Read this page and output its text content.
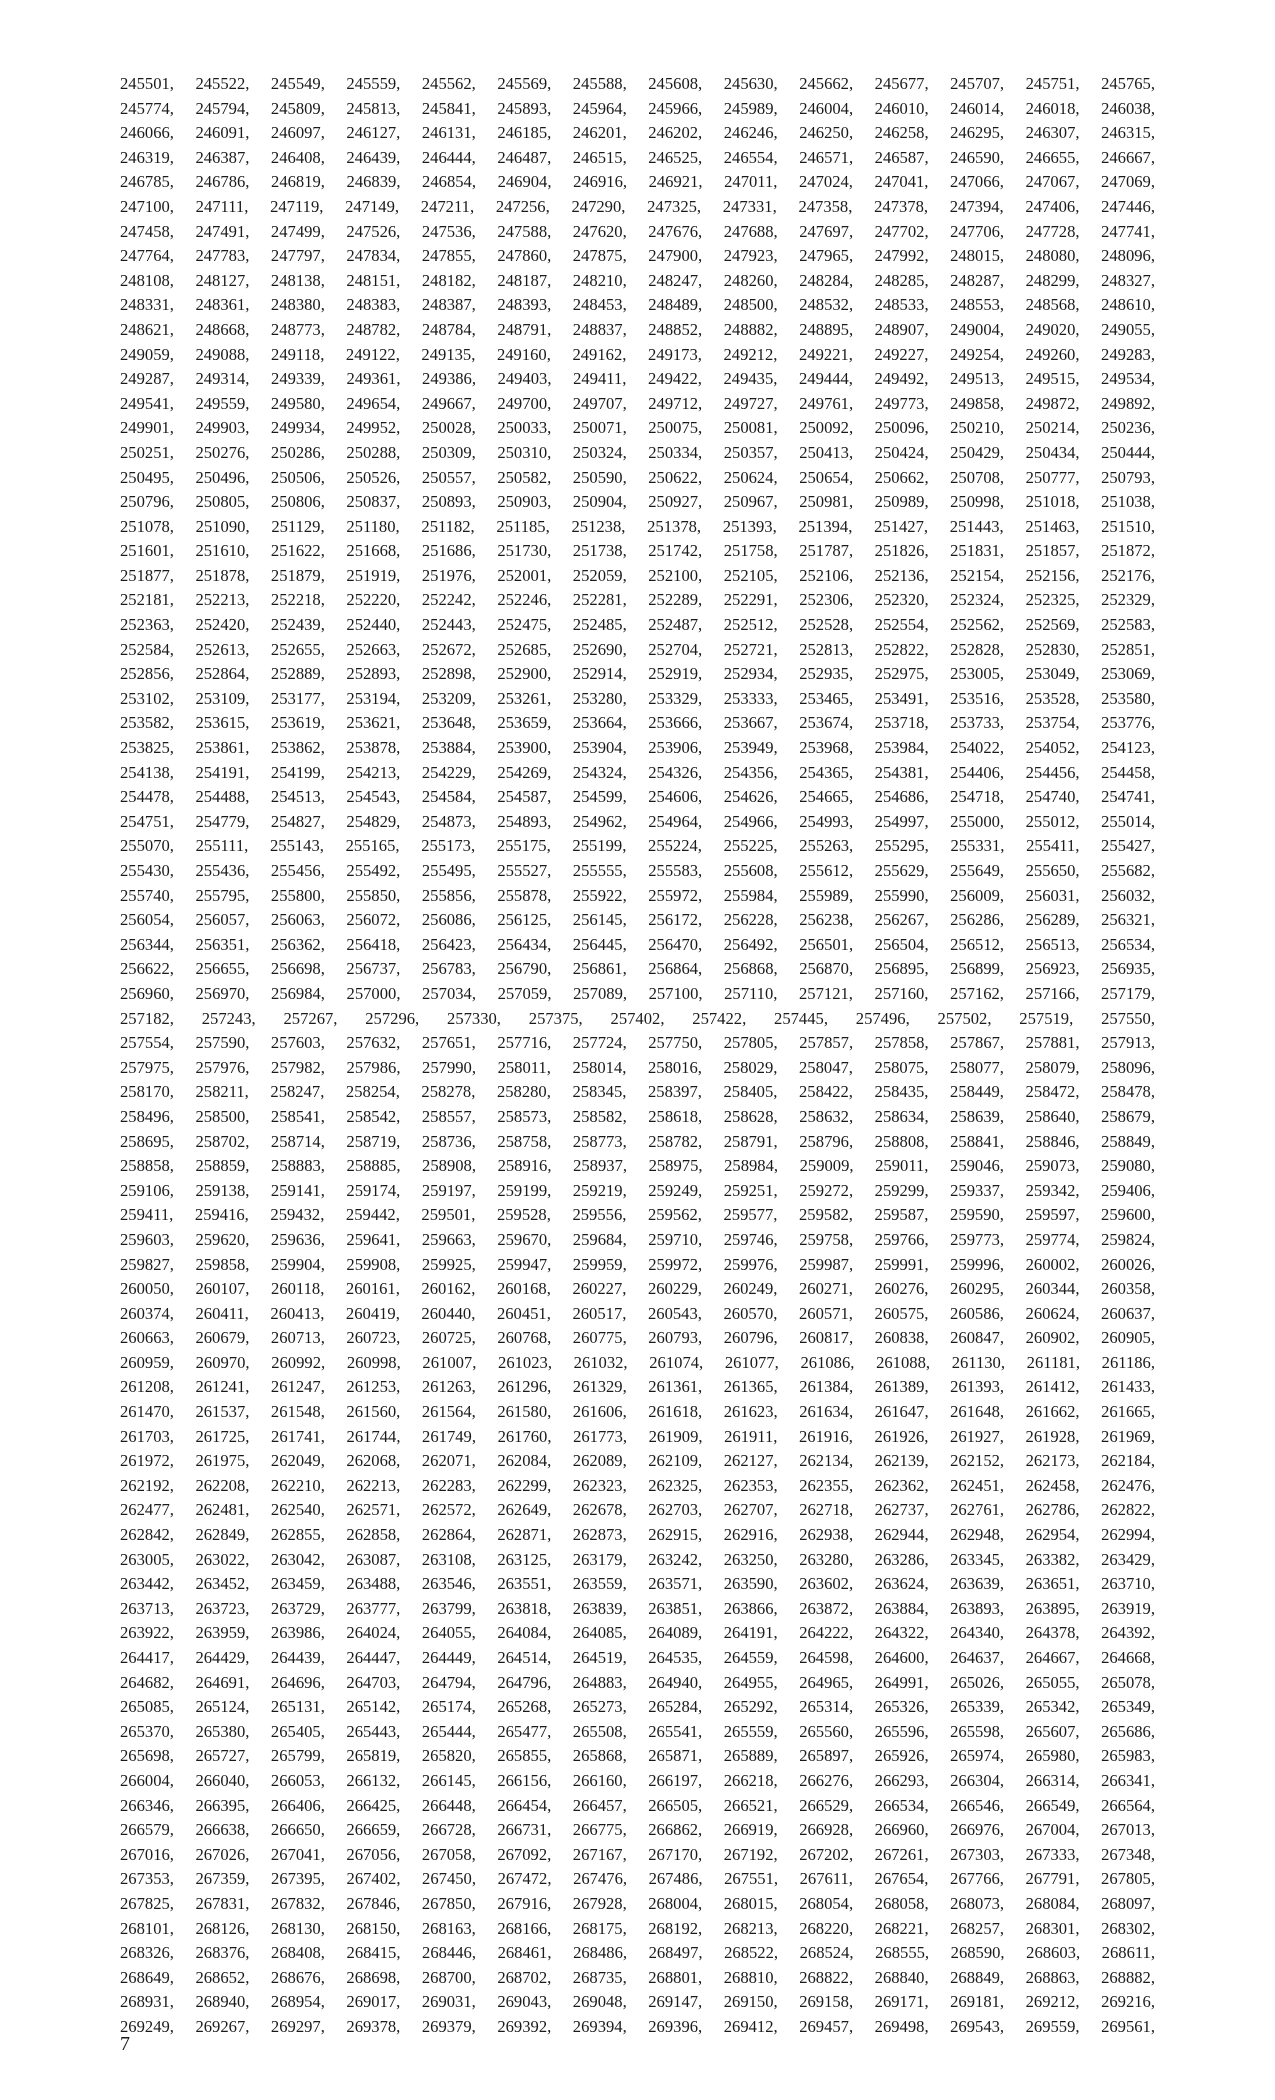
245501, 245522, 245549, 245559, 245562, 245569, 245588, 245608, 245630, 245662, 245677, 245707, 245751, 245765,
245774, 245794, 245809, 245813, 245841, 245893, 245964, 245966, 245989, 246004, 246010, 246014, 246018, 246038,
246066, 246091, 246097, 246127, 246131, 246185, 246201, 246202, 246246, 246250, 246258, 246295, 246307, 246315,
246319, 246387, 246408, 246439, 246444, 246487, 246515, 246525, 246554, 246571, 246587, 246590, 246655, 246667,
246785, 246786, 246819, 246839, 246854, 246904, 246916, 246921, 247011, 247024, 247041, 247066, 247067, 247069,
247100, 247111, 247119, 247149, 247211, 247256, 247290, 247325, 247331, 247358, 247378, 247394, 247406, 247446,
247458, 247491, 247499, 247526, 247536, 247588, 247620, 247676, 247688, 247697, 247702, 247706, 247728, 247741,
247764, 247783, 247797, 247834, 247855, 247860, 247875, 247900, 247923, 247965, 247992, 248015, 248080, 248096,
248108, 248127, 248138, 248151, 248182, 248187, 248210, 248247, 248260, 248284, 248285, 248287, 248299, 248327,
248331, 248361, 248380, 248383, 248387, 248393, 248453, 248489, 248500, 248532, 248533, 248553, 248568, 248610,
248621, 248668, 248773, 248782, 248784, 248791, 248837, 248852, 248882, 248895, 248907, 249004, 249020, 249055,
249059, 249088, 249118, 249122, 249135, 249160, 249162, 249173, 249212, 249221, 249227, 249254, 249260, 249283,
249287, 249314, 249339, 249361, 249386, 249403, 249411, 249422, 249435, 249444, 249492, 249513, 249515, 249534,
249541, 249559, 249580, 249654, 249667, 249700, 249707, 249712, 249727, 249761, 249773, 249858, 249872, 249892,
249901, 249903, 249934, 249952, 250028, 250033, 250071, 250075, 250081, 250092, 250096, 250210, 250214, 250236,
250251, 250276, 250286, 250288, 250309, 250310, 250324, 250334, 250357, 250413, 250424, 250429, 250434, 250444,
250495, 250496, 250506, 250526, 250557, 250582, 250590, 250622, 250624, 250654, 250662, 250708, 250777, 250793,
250796, 250805, 250806, 250837, 250893, 250903, 250904, 250927, 250967, 250981, 250989, 250998, 251018, 251038,
251078, 251090, 251129, 251180, 251182, 251185, 251238, 251378, 251393, 251394, 251427, 251443, 251463, 251510,
251601, 251610, 251622, 251668, 251686, 251730, 251738, 251742, 251758, 251787, 251826, 251831, 251857, 251872,
251877, 251878, 251879, 251919, 251976, 252001, 252059, 252100, 252105, 252106, 252136, 252154, 252156, 252176,
252181, 252213, 252218, 252220, 252242, 252246, 252281, 252289, 252291, 252306, 252320, 252324, 252325, 252329,
252363, 252420, 252439, 252440, 252443, 252475, 252485, 252487, 252512, 252528, 252554, 252562, 252569, 252583,
252584, 252613, 252655, 252663, 252672, 252685, 252690, 252704, 252721, 252813, 252822, 252828, 252830, 252851,
252856, 252864, 252889, 252893, 252898, 252900, 252914, 252919, 252934, 252935, 252975, 253005, 253049, 253069,
253102, 253109, 253177, 253194, 253209, 253261, 253280, 253329, 253333, 253465, 253491, 253516, 253528, 253580,
253582, 253615, 253619, 253621, 253648, 253659, 253664, 253666, 253667, 253674, 253718, 253733, 253754, 253776,
253825, 253861, 253862, 253878, 253884, 253900, 253904, 253906, 253949, 253968, 253984, 254022, 254052, 254123,
254138, 254191, 254199, 254213, 254229, 254269, 254324, 254326, 254356, 254365, 254381, 254406, 254456, 254458,
254478, 254488, 254513, 254543, 254584, 254587, 254599, 254606, 254626, 254665, 254686, 254718, 254740, 254741,
254751, 254779, 254827, 254829, 254873, 254893, 254962, 254964, 254966, 254993, 254997, 255000, 255012, 255014,
255070, 255111, 255143, 255165, 255173, 255175, 255199, 255224, 255225, 255263, 255295, 255331, 255411, 255427,
255430, 255436, 255456, 255492, 255495, 255527, 255555, 255583, 255608, 255612, 255629, 255649, 255650, 255682,
255740, 255795, 255800, 255850, 255856, 255878, 255922, 255972, 255984, 255989, 255990, 256009, 256031, 256032,
256054, 256057, 256063, 256072, 256086, 256125, 256145, 256172, 256228, 256238, 256267, 256286, 256289, 256321,
256344, 256351, 256362, 256418, 256423, 256434, 256445, 256470, 256492, 256501, 256504, 256512, 256513, 256534,
256622, 256655, 256698, 256737, 256783, 256790, 256861, 256864, 256868, 256870, 256895, 256899, 256923, 256935,
256960, 256970, 256984, 257000, 257034, 257059, 257089, 257100, 257110, 257121, 257160, 257162, 257166, 257179,
257182, 257243, 257267, 257296, 257330, 257375, 257402, 257422, 257445, 257496, 257502, 257519, 257550,
257554, 257590, 257603, 257632, 257651, 257716, 257724, 257750, 257805, 257857, 257858, 257867, 257881, 257913,
257975, 257976, 257982, 257986, 257990, 258011, 258014, 258016, 258029, 258047, 258075, 258077, 258079, 258096,
258170, 258211, 258247, 258254, 258278, 258280, 258345, 258397, 258405, 258422, 258435, 258449, 258472, 258478,
258496, 258500, 258541, 258542, 258557, 258573, 258582, 258618, 258628, 258632, 258634, 258639, 258640, 258679,
258695, 258702, 258714, 258719, 258736, 258758, 258773, 258782, 258791, 258796, 258808, 258841, 258846, 258849,
258858, 258859, 258883, 258885, 258908, 258916, 258937, 258975, 258984, 259009, 259011, 259046, 259073, 259080,
259106, 259138, 259141, 259174, 259197, 259199, 259219, 259249, 259251, 259272, 259299, 259337, 259342, 259406,
259411, 259416, 259432, 259442, 259501, 259528, 259556, 259562, 259577, 259582, 259587, 259590, 259597, 259600,
259603, 259620, 259636, 259641, 259663, 259670, 259684, 259710, 259746, 259758, 259766, 259773, 259774, 259824,
259827, 259858, 259904, 259908, 259925, 259947, 259959, 259972, 259976, 259987, 259991, 259996, 260002, 260026,
260050, 260107, 260118, 260161, 260162, 260168, 260227, 260229, 260249, 260271, 260276, 260295, 260344, 260358,
260374, 260411, 260413, 260419, 260440, 260451, 260517, 260543, 260570, 260571, 260575, 260586, 260624, 260637,
260663, 260679, 260713, 260723, 260725, 260768, 260775, 260793, 260796, 260817, 260838, 260847, 260902, 260905,
260959, 260970, 260992, 260998, 261007, 261023, 261032, 261074, 261077, 261086, 261088, 261130, 261181, 261186,
261208, 261241, 261247, 261253, 261263, 261296, 261329, 261361, 261365, 261384, 261389, 261393, 261412, 261433,
261470, 261537, 261548, 261560, 261564, 261580, 261606, 261618, 261623, 261634, 261647, 261648, 261662, 261665,
261703, 261725, 261741, 261744, 261749, 261760, 261773, 261909, 261911, 261916, 261926, 261927, 261928, 261969,
261972, 261975, 262049, 262068, 262071, 262084, 262089, 262109, 262127, 262134, 262139, 262152, 262173, 262184,
262192, 262208, 262210, 262213, 262283, 262299, 262323, 262325, 262353, 262355, 262362, 262451, 262458, 262476,
262477, 262481, 262540, 262571, 262572, 262649, 262678, 262703, 262707, 262718, 262737, 262761, 262786, 262822,
262842, 262849, 262855, 262858, 262864, 262871, 262873, 262915, 262916, 262938, 262944, 262948, 262954, 262994,
263005, 263022, 263042, 263087, 263108, 263125, 263179, 263242, 263250, 263280, 263286, 263345, 263382, 263429,
263442, 263452, 263459, 263488, 263546, 263551, 263559, 263571, 263590, 263602, 263624, 263639, 263651, 263710,
263713, 263723, 263729, 263777, 263799, 263818, 263839, 263851, 263866, 263872, 263884, 263893, 263895, 263919,
263922, 263959, 263986, 264024, 264055, 264084, 264085, 264089, 264191, 264222, 264322, 264340, 264378, 264392,
264417, 264429, 264439, 264447, 264449, 264514, 264519, 264535, 264559, 264598, 264600, 264637, 264667, 264668,
264682, 264691, 264696, 264703, 264794, 264796, 264883, 264940, 264955, 264965, 264991, 265026, 265055, 265078,
265085, 265124, 265131, 265142, 265174, 265268, 265273, 265284, 265292, 265314, 265326, 265339, 265342, 265349,
265370, 265380, 265405, 265443, 265444, 265477, 265508, 265541, 265559, 265560, 265596, 265598, 265607, 265686,
265698, 265727, 265799, 265819, 265820, 265855, 265868, 265871, 265889, 265897, 265926, 265974, 265980, 265983,
266004, 266040, 266053, 266132, 266145, 266156, 266160, 266197, 266218, 266276, 266293, 266304, 266314, 266341,
266346, 266395, 266406, 266425, 266448, 266454, 266457, 266505, 266521, 266529, 266534, 266546, 266549, 266564,
266579, 266638, 266650, 266659, 266728, 266731, 266775, 266862, 266919, 266928, 266960, 266976, 267004, 267013,
267016, 267026, 267041, 267056, 267058, 267092, 267167, 267170, 267192, 267202, 267261, 267303, 267333, 267348,
267353, 267359, 267395, 267402, 267450, 267472, 267476, 267486, 267551, 267611, 267654, 267766, 267791, 267805,
267825, 267831, 267832, 267846, 267850, 267916, 267928, 268004, 268015, 268054, 268058, 268073, 268084, 268097,
268101, 268126, 268130, 268150, 268163, 268166, 268175, 268192, 268213, 268220, 268221, 268257, 268301, 268302,
268326, 268376, 268408, 268415, 268446, 268461, 268486, 268497, 268522, 268524, 268555, 268590, 268603, 268611,
268649, 268652, 268676, 268698, 268700, 268702, 268735, 268801, 268810, 268822, 268840, 268849, 268863, 268882,
268931, 268940, 268954, 269017, 269031, 269043, 269048, 269147, 269150, 269158, 269171, 269181, 269212, 269216,
269249, 269267, 269297, 269378, 269379, 269392, 269394, 269396, 269412, 269457, 269498, 269543, 269559, 269561,
7
